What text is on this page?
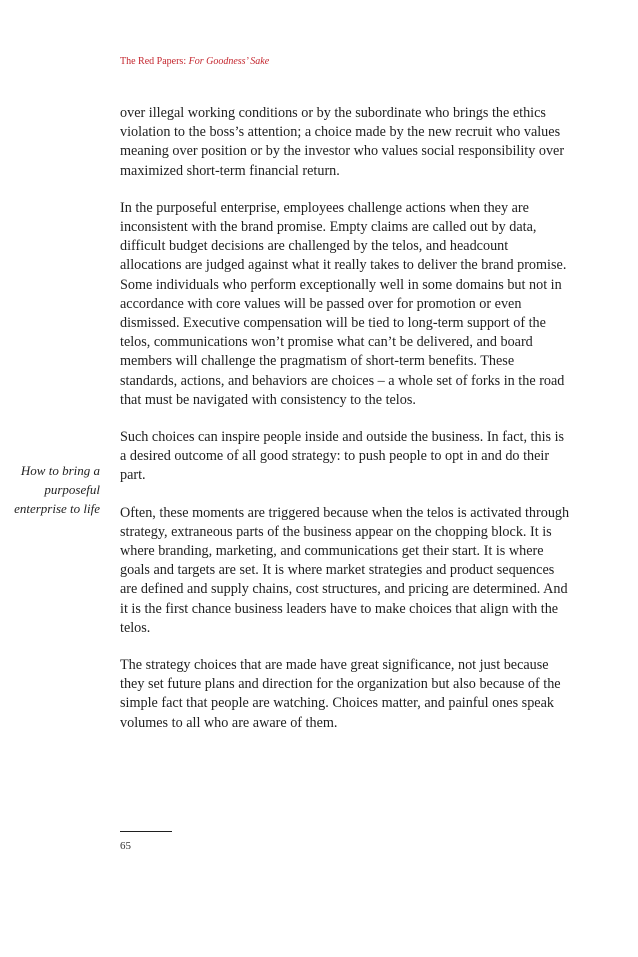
The Red Papers: For Goodness’ Sake
How to bring a purposeful enterprise to life

over illegal working conditions or by the subordinate who brings the ethics violation to the boss’s attention; a choice made by the new recruit who values meaning over position or by the investor who values social responsibility over maximized short-term financial return.

In the purposeful enterprise, employees challenge actions when they are inconsistent with the brand promise. Empty claims are called out by data, difficult budget decisions are challenged by the telos, and headcount allocations are judged against what it really takes to deliver the brand promise. Some individuals who perform exceptionally well in some domains but not in accordance with core values will be passed over for promotion or even dismissed. Executive compensation will be tied to long-term support of the telos, communications won’t promise what can’t be delivered, and board members will challenge the pragmatism of short-term benefits. These standards, actions, and behaviors are choices – a whole set of forks in the road that must be navigated with consistency to the telos.

Such choices can inspire people inside and outside the business. In fact, this is a desired outcome of all good strategy: to push people to opt in and do their part.

Often, these moments are triggered because when the telos is activated through strategy, extraneous parts of the business appear on the chopping block. It is where branding, marketing, and communications get their start. It is where goals and targets are set. It is where market strategies and product sequences are defined and supply chains, cost structures, and pricing are determined. And it is the first chance business leaders have to make choices that align with the telos.

The strategy choices that are made have great significance, not just because they set future plans and direction for the organization but also because of the simple fact that people are watching. Choices matter, and painful ones speak volumes to all who are aware of them.

65
